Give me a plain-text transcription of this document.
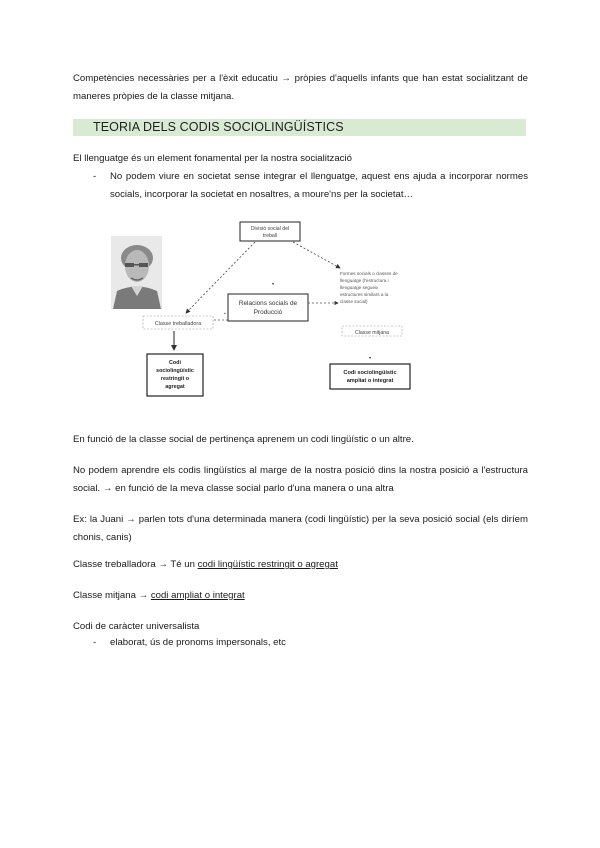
Competències necessàries per a l'èxit educatiu → pròpies d'aquells infants que han estat socialitzant de maneres pròpies de la classe mitjana.

TEORIA DELS CODIS SOCIOLINGÜÍSTICS

El llenguatge és un element fonamental per la nostra socialització

- No podem viure en societat sense integrar el llenguatge, aquest ens ajuda a incorporar normes socials, incorporar la societat en nosaltres, a moure'ns per la societat…

Divisió social del
treball
•
Relacions socials de
Producció
▪
Classe treballadora
Formes socials o classes de
llenguatge (l'estructura i
llenguatge segueix
estructures similars a la
classe social)
Classe mitjana
•
Codi
sociolingüístic
restringit o
agregat
Codi sociolingüístic
ampliat o integrat

En funció de la classe social de pertinença aprenem un codi lingüístic o un altre.

No podem aprendre els codis lingüístics al marge de la nostra posició dins la nostra posició a l'estructura social. → en funció de la meva classe social parlo d'una manera o una altra

Ex: la Juani → parlen tots d'una determinada manera (codi lingüístic) per la seva posició social (els diríem chonis, canis)

Classe treballadora → Té un codi lingüístic restringit o agregat

Classe mitjana → codi ampliat o integrat

Codi de caràcter universalista

- elaborat, ús de pronoms impersonals, etc
